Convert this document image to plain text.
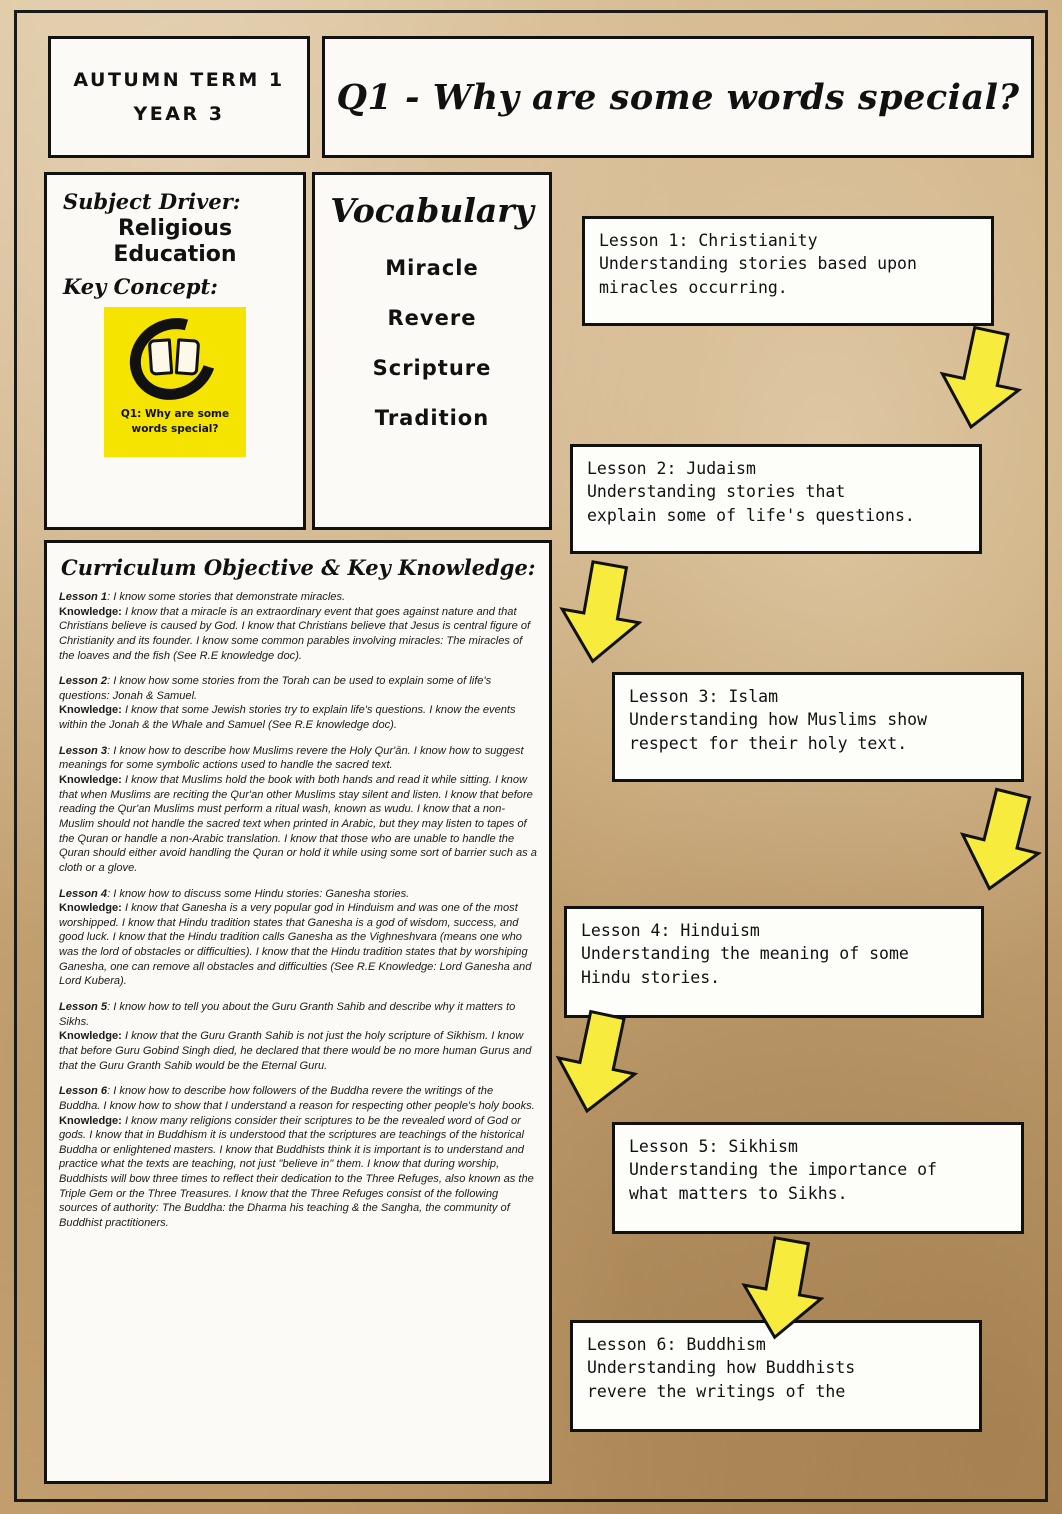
AUTUMN TERM 1
YEAR 3	Q1 - Why are some words special?
Subject Driver:
Religious
Education
Key Concept:
Q1: Why are some
words special?
Vocabulary
Miracle
Revere
Scripture
Tradition
Curriculum Objective & Key Knowledge:
Lesson 1: I know some stories that demonstrate miracles.
Knowledge: I know that a miracle is an extraordinary event that goes against nature and that Christians believe is caused by God. I know that Christians believe that Jesus is central figure of Christianity and its founder. I know some common parables involving miracles: The miracles of the loaves and the fish (See R.E knowledge doc).
Lesson 2: I know how some stories from the Torah can be used to explain some of life's questions: Jonah & Samuel.
Knowledge: I know that some Jewish stories try to explain life's questions. I know the events within the Jonah & the Whale and Samuel (See R.E knowledge doc).
Lesson 3: I know how to describe how Muslims revere the Holy Qur'ān. I know how to suggest meanings for some symbolic actions used to handle the sacred text.
Knowledge: I know that Muslims hold the book with both hands and read it while sitting. I know that when Muslims are reciting the Qur'an other Muslims stay silent and listen. I know that before reading the Qur'an Muslims must perform a ritual wash, known as wudu. I know that a non-Muslim should not handle the sacred text when printed in Arabic, but they may listen to tapes of the Quran or handle a non-Arabic translation. I know that those who are unable to handle the Quran should either avoid handling the Quran or hold it while using some sort of barrier such as a cloth or a glove.
Lesson 4: I know how to discuss some Hindu stories: Ganesha stories.
Knowledge: I know that Ganesha is a very popular god in Hinduism and was one of the most worshipped. I know that Hindu tradition states that Ganesha is a god of wisdom, success, and good luck. I know that the Hindu tradition calls Ganesha as the Vighneshvara (means one who was the lord of obstacles or difficulties). I know that the Hindu tradition states that by worshiping Ganesha, one can remove all obstacles and difficulties (See R.E Knowledge: Lord Ganesha and Lord Kubera).
Lesson 5: I know how to tell you about the Guru Granth Sahib and describe why it matters to Sikhs.
Knowledge: I know that the Guru Granth Sahib is not just the holy scripture of Sikhism. I know that before Guru Gobind Singh died, he declared that there would be no more human Gurus and that the Guru Granth Sahib would be the Eternal Guru.
Lesson 6: I know how to describe how followers of the Buddha revere the writings of the Buddha. I know how to show that I understand a reason for respecting other people's holy books.
Knowledge: I know many religions consider their scriptures to be the revealed word of God or gods. I know that in Buddhism it is understood that the scriptures are teachings of the historical Buddha or enlightened masters. I know that Buddhists think it is important is to understand and practice what the texts are teaching, not just "believe in" them. I know that during worship, Buddhists will bow three times to reflect their dedication to the Three Refuges, also known as the Triple Gem or the Three Treasures. I know that the Three Refuges consist of the following sources of authority: The Buddha: the Dharma his teaching & the Sangha, the community of Buddhist practitioners.
Lesson 1: Christianity
Understanding stories based upon
miracles occurring.
Lesson 2: Judaism
Understanding stories that
explain some of life's questions.
Lesson 3: Islam
Understanding how Muslims show
respect for their holy text.
Lesson 4: Hinduism
Understanding the meaning of some
Hindu stories.
Lesson 5: Sikhism
Understanding the importance of
what matters to Sikhs.
Lesson 6: Buddhism
Understanding how Buddhists
revere the writings of the
